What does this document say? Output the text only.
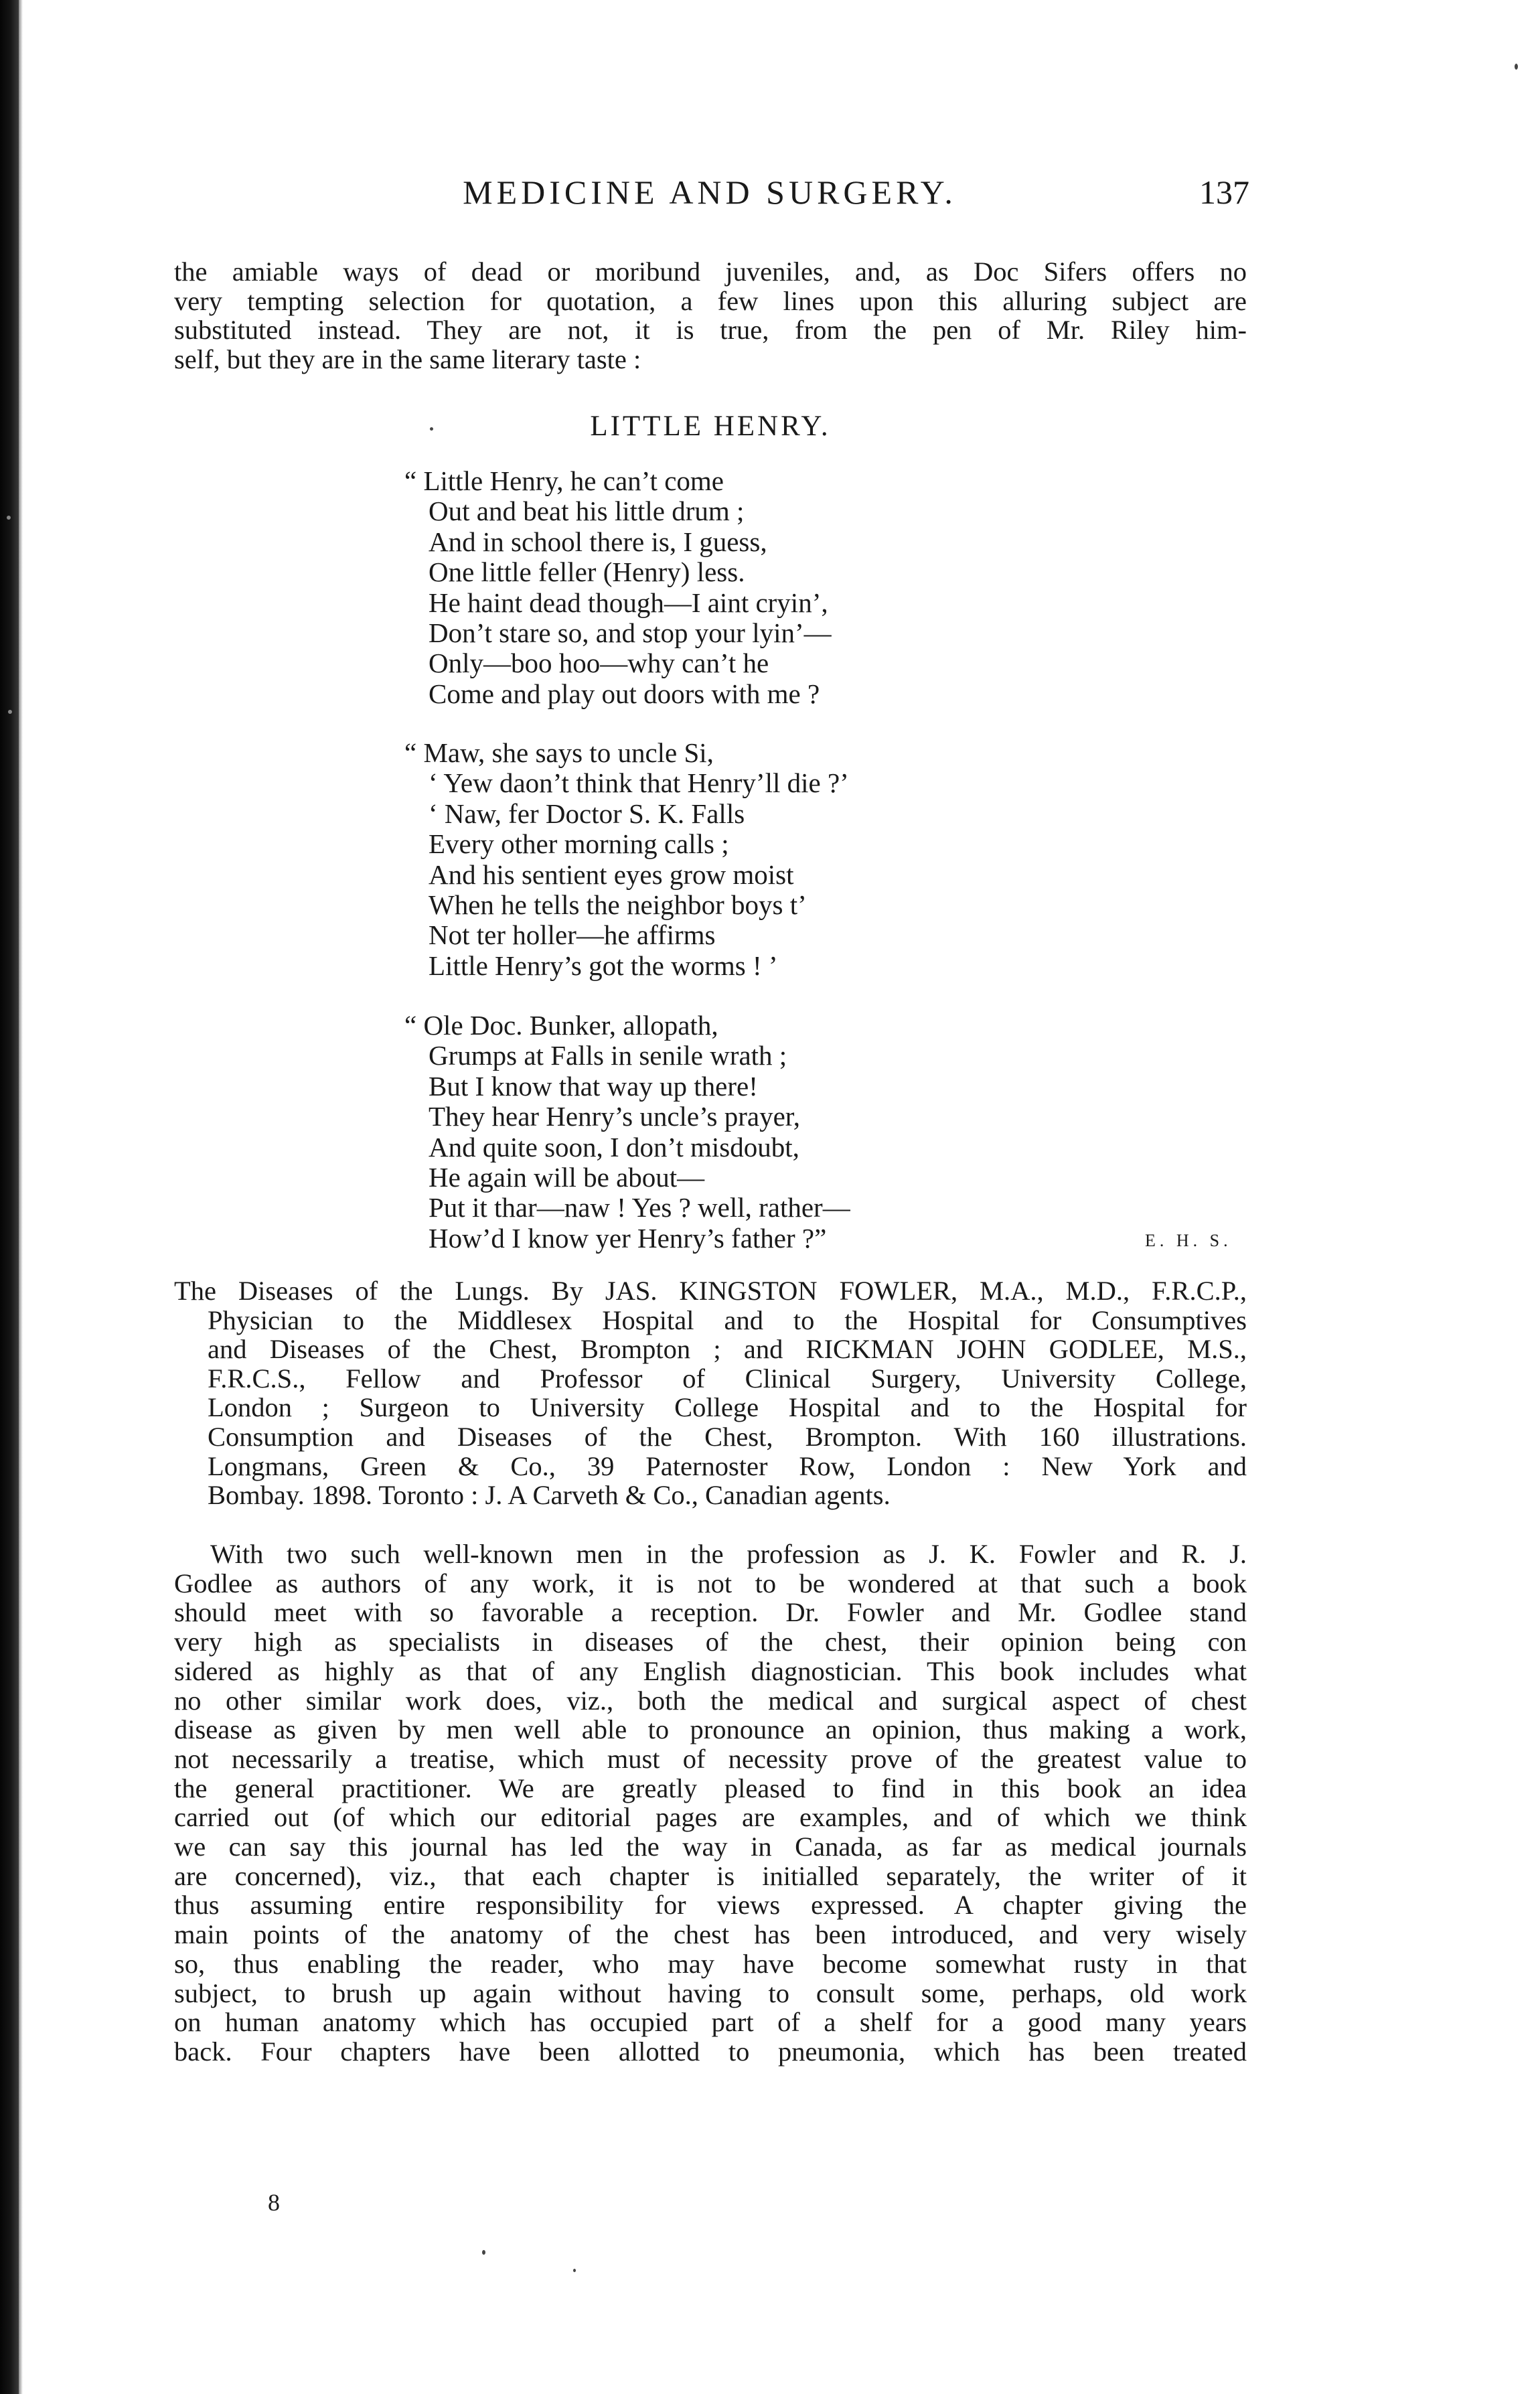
MEDICINE AND SURGERY.	137
the amiable ways of dead or moribund juveniles, and, as Doc Sifers offers no
very tempting selection for quotation, a few lines upon this alluring subject are
substituted instead. They are not, it is true, from the pen of Mr. Riley him-
self, but they are in the same literary taste :
LITTLE HENRY.
“ Little Henry, he can’t come
Out and beat his little drum ;
And in school there is, I guess,
One little feller (Henry) less.
He haint dead though—I aint cryin’,
Don’t stare so, and stop your lyin’—
Only—boo hoo—why can’t he
Come and play out doors with me ?
“ Maw, she says to uncle Si,
‘ Yew daon’t think that Henry’ll die ?’
‘ Naw, fer Doctor S. K. Falls
Every other morning calls ;
And his sentient eyes grow moist
When he tells the neighbor boys t’
Not ter holler—he affirms
Little Henry’s got the worms ! ’
“ Ole Doc. Bunker, allopath,
Grumps at Falls in senile wrath ;
But I know that way up there!
They hear Henry’s uncle’s prayer,
And quite soon, I don’t misdoubt,
He again will be about—
Put it thar—naw ! Yes ? well, rather—
How’d I know yer Henry’s father ?”	E. H. S.
The Diseases of the Lungs. By JAS. KINGSTON FOWLER, M.A., M.D., F.R.C.P.,
Physician to the Middlesex Hospital and to the Hospital for Consumptives
and Diseases of the Chest, Brompton ; and RICKMAN JOHN GODLEE, M.S.,
F.R.C.S., Fellow and Professor of Clinical Surgery, University College,
London ; Surgeon to University College Hospital and to the Hospital for
Consumption and Diseases of the Chest, Brompton. With 160 illustrations.
Longmans, Green & Co., 39 Paternoster Row, London : New York and
Bombay. 1898. Toronto : J. A Carveth & Co., Canadian agents.
With two such well-known men in the profession as J. K. Fowler and R. J.
Godlee as authors of any work, it is not to be wondered at that such a book
should meet with so favorable a reception. Dr. Fowler and Mr. Godlee stand
very high as specialists in diseases of the chest, their opinion being con
sidered as highly as that of any English diagnostician. This book includes what
no other similar work does, viz., both the medical and surgical aspect of chest
disease as given by men well able to pronounce an opinion, thus making a work,
not necessarily a treatise, which must of necessity prove of the greatest value to
the general practitioner. We are greatly pleased to find in this book an idea
carried out (of which our editorial pages are examples, and of which we think
we can say this journal has led the way in Canada, as far as medical journals
are concerned), viz., that each chapter is initialled separately, the writer of it
thus assuming entire responsibility for views expressed. A chapter giving the
main points of the anatomy of the chest has been introduced, and very wisely
so, thus enabling the reader, who may have become somewhat rusty in that
subject, to brush up again without having to consult some, perhaps, old work
on human anatomy which has occupied part of a shelf for a good many years
back. Four chapters have been allotted to pneumonia, which has been treated
8
